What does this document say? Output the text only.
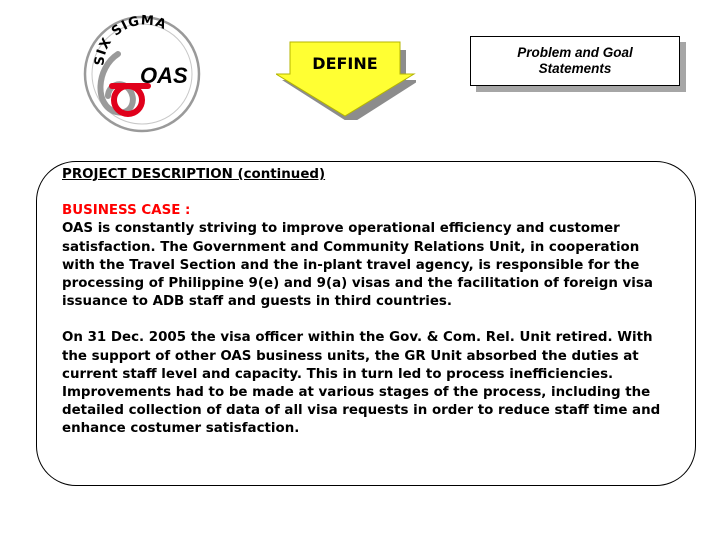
SIX SIGMA
OAS	DEFINE
Problem and Goal Statements

PROJECT DESCRIPTION (continued)

BUSINESS CASE :

OAS is constantly striving to improve operational efficiency and customer satisfaction. The Government and Community Relations Unit, in cooperation with the Travel Section and the in-plant travel agency, is responsible for the processing of Philippine 9(e) and 9(a) visas and the facilitation of foreign visa issuance to ADB staff and guests in third countries.

On 31 Dec. 2005 the visa officer within the Gov. & Com. Rel. Unit retired. With the support of other OAS business units, the GR Unit absorbed the duties at current staff level and capacity. This in turn led to process inefficiencies. Improvements had to be made at various stages of the process, including the detailed collection of data of all visa requests in order to reduce staff time and enhance costumer satisfaction.
